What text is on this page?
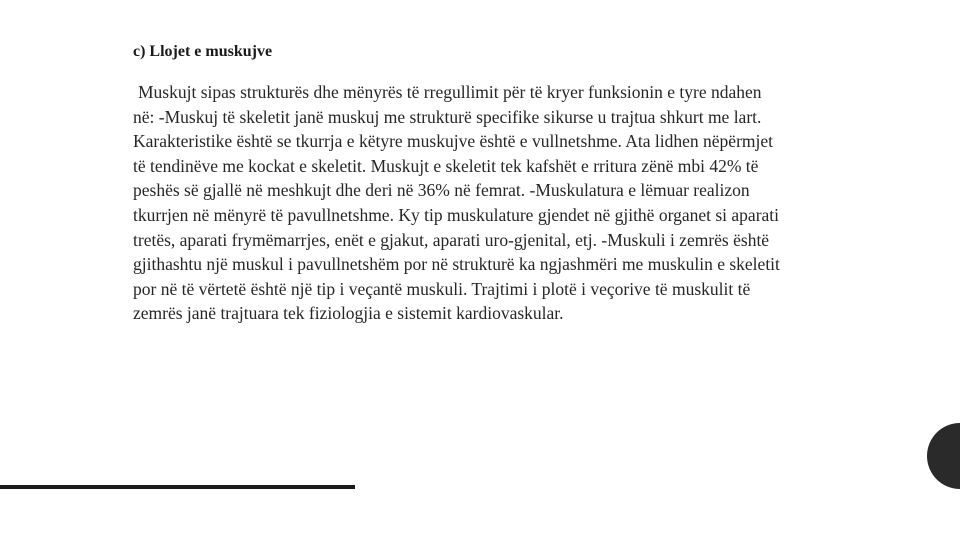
c) Llojet e muskujve
Muskujt sipas strukturës dhe mënyrës të rregullimit për të kryer funksionin e tyre ndahen
në: -Muskuj të skeletit janë muskuj me strukturë specifike sikurse u trajtua shkurt me lart.
Karakteristike është se tkurrja e këtyre muskujve është e vullnetshme. Ata lidhen nëpërmjet
të tendinëve me kockat e skeletit. Muskujt e skeletit tek kafshët e rritura zënë mbi 42% të
peshës së gjallë në meshkujt dhe deri në 36% në femrat. -Muskulatura e lëmuar realizon
tkurrjen në mënyrë të pavullnetshme. Ky tip muskulature gjendet në gjithë organet si aparati
tretës, aparati frymëmarrjes, enët e gjakut, aparati uro-gjenital, etj. -Muskuli i zemrës është
gjithashtu një muskul i pavullnetshëm por në strukturë ka ngjashmëri me muskulin e skeletit
por në të vërtetë është një tip i veçantë muskuli. Trajtimi i plotë i veçorive të muskulit të
zemrës janë trajtuara tek fiziologjia e sistemit kardiovaskular.
